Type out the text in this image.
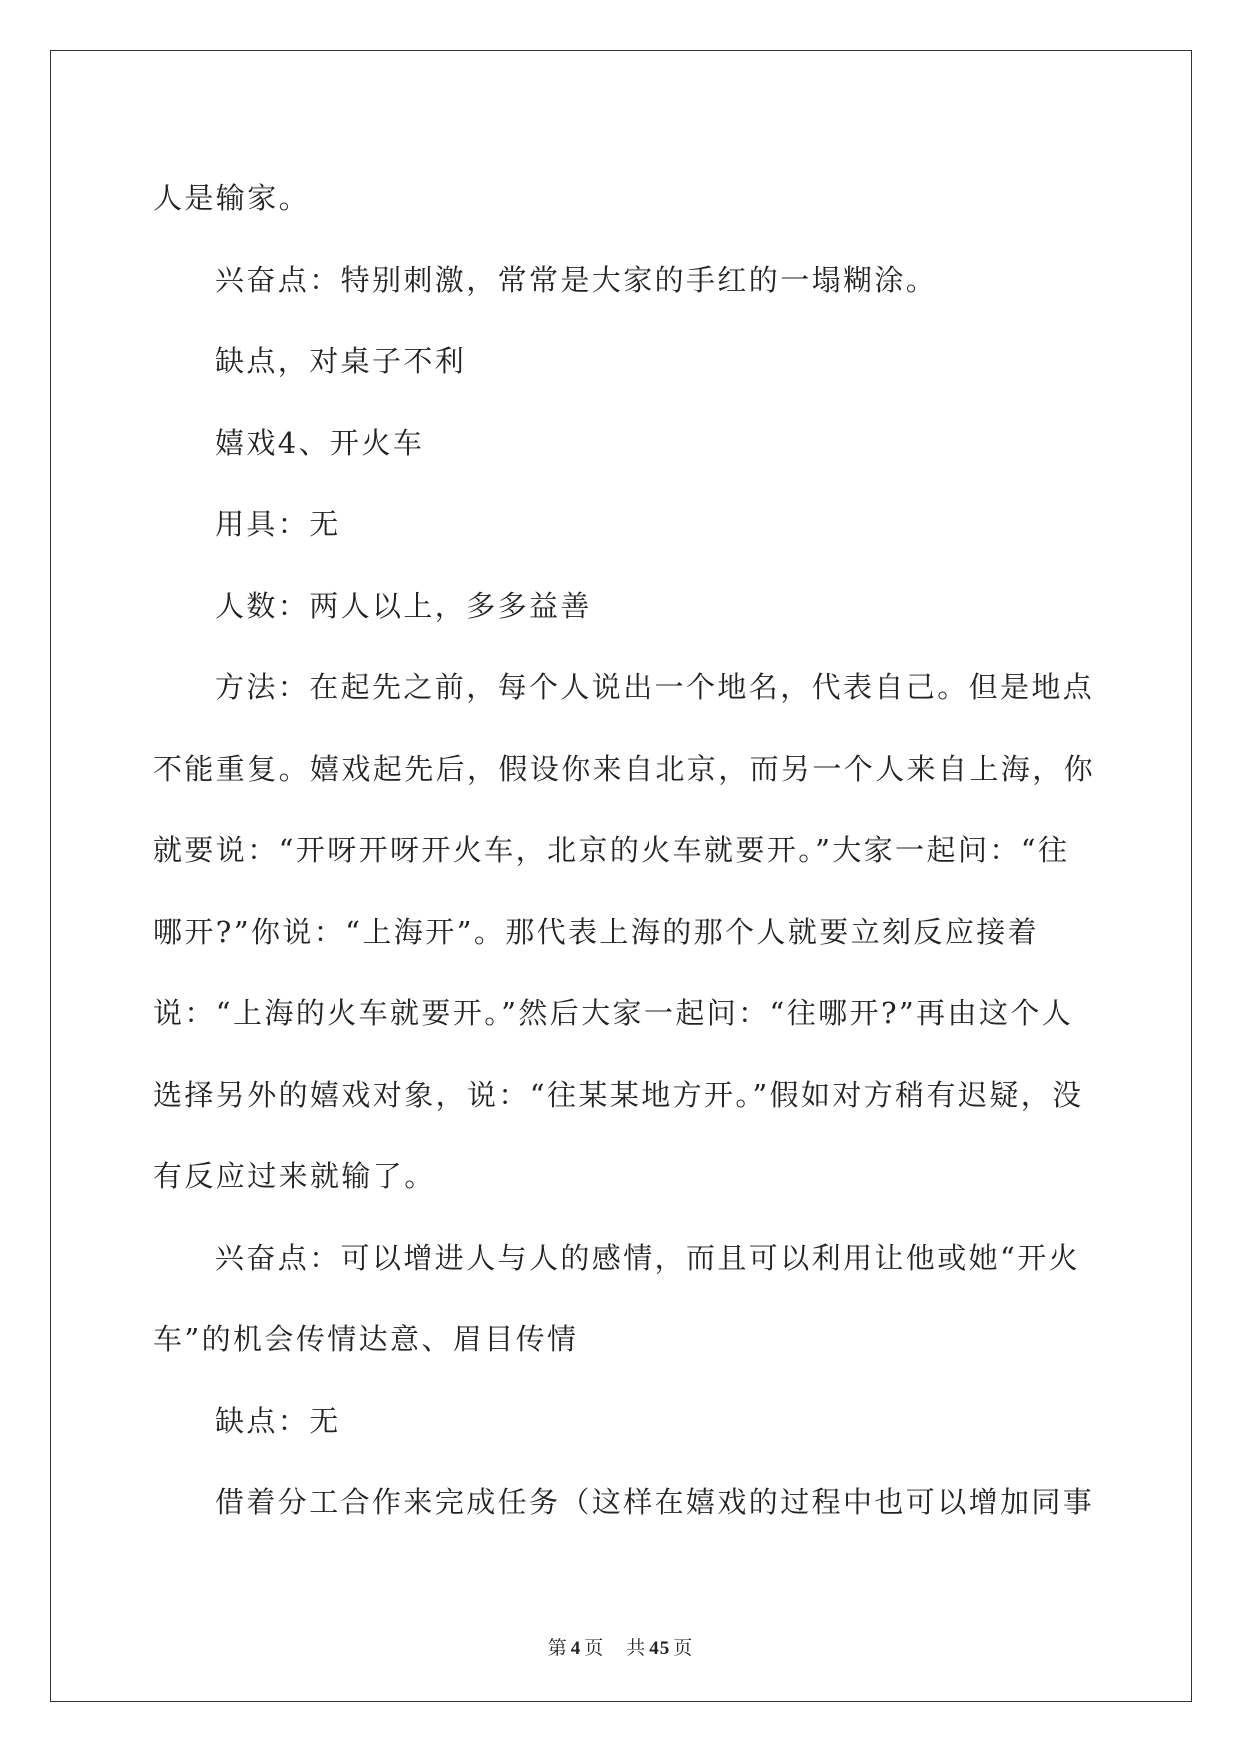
人是输家。

兴奋点：特别刺激，常常是大家的手红的一塌糊涂。

缺点，对桌子不利

嬉戏4、开火车

用具：无

人数：两人以上，多多益善

方法：在起先之前，每个人说出一个地名，代表自己。但是地点不能重复。嬉戏起先后，假设你来自北京，而另一个人来自上海，你就要说：“开呀开呀开火车，北京的火车就要开。”大家一起问：“往哪开?”你说：“上海开”。那代表上海的那个人就要立刻反应接着说：“上海的火车就要开。”然后大家一起问：“往哪开?”再由这个人选择另外的嬉戏对象，说：“往某某地方开。”假如对方稍有迟疑，没有反应过来就输了。

兴奋点：可以增进人与人的感情，而且可以利用让他或她“开火车”的机会传情达意、眉目传情

缺点：无

借着分工合作来完成任务（这样在嬉戏的过程中也可以增加同事

第 4 页 共 45 页
